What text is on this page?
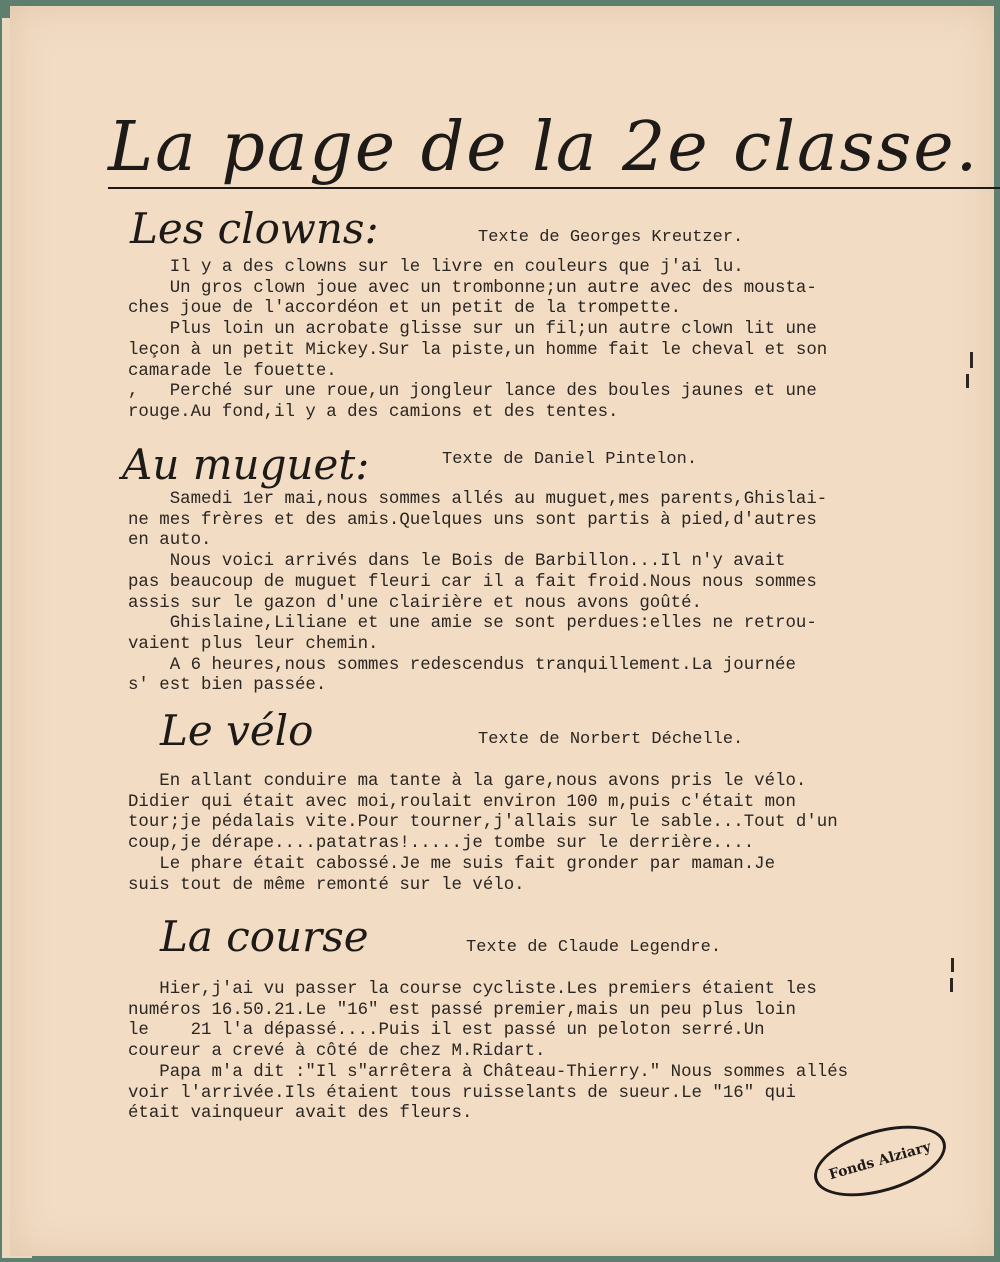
La page de la 2e classe.
Les clowns:	Texte de Georges Kreutzer.

Il y a des clowns sur le livre en couleurs que j'ai lu.

Un gros clown joue avec un trombonne;un autre avec des mousta-

ches joue de l'accordéon et un petit de la trompette.

Plus loin un acrobate glisse sur un fil;un autre clown lit une

leçon à un petit Mickey.Sur la piste,un homme fait le cheval et son

camarade le fouette.

,   Perché sur une roue,un jongleur lance des boules jaunes et une

rouge.Au fond,il y a des camions et des tentes.

Au muguet:	Texte de Daniel Pintelon.

Samedi 1er mai,nous sommes allés au muguet,mes parents,Ghislai-

ne mes frères et des amis.Quelques uns sont partis à pied,d'autres

en auto.

Nous voici arrivés dans le Bois de Barbillon...Il n'y avait

pas beaucoup de muguet fleuri car il a fait froid.Nous nous sommes

assis sur le gazon d'une clairière et nous avons goûté.

Ghislaine,Liliane et une amie se sont perdues:elles ne retrou-

vaient plus leur chemin.

A 6 heures,nous sommes redescendus tranquillement.La journée

s' est bien passée.

Le vélo	Texte de Norbert Déchelle.

En allant conduire ma tante à la gare,nous avons pris le vélo.

Didier qui était avec moi,roulait environ 100 m,puis c'était mon

tour;je pédalais vite.Pour tourner,j'allais sur le sable...Tout d'un

coup,je dérape....patatras!.....je tombe sur le derrière....

Le phare était cabossé.Je me suis fait gronder par maman.Je

suis tout de même remonté sur le vélo.

La course	Texte de Claude Legendre.

Hier,j'ai vu passer la course cycliste.Les premiers étaient les

numéros 16.50.21.Le "16" est passé premier,mais un peu plus loin

le    21 l'a dépassé....Puis il est passé un peloton serré.Un

coureur a crevé à côté de chez M.Ridart.

Papa m'a dit :"Il s"arrêtera à Château-Thierry." Nous sommes allés

voir l'arrivée.Ils étaient tous ruisselants de sueur.Le "16" qui

était vainqueur avait des fleurs.

Fonds Alziary
